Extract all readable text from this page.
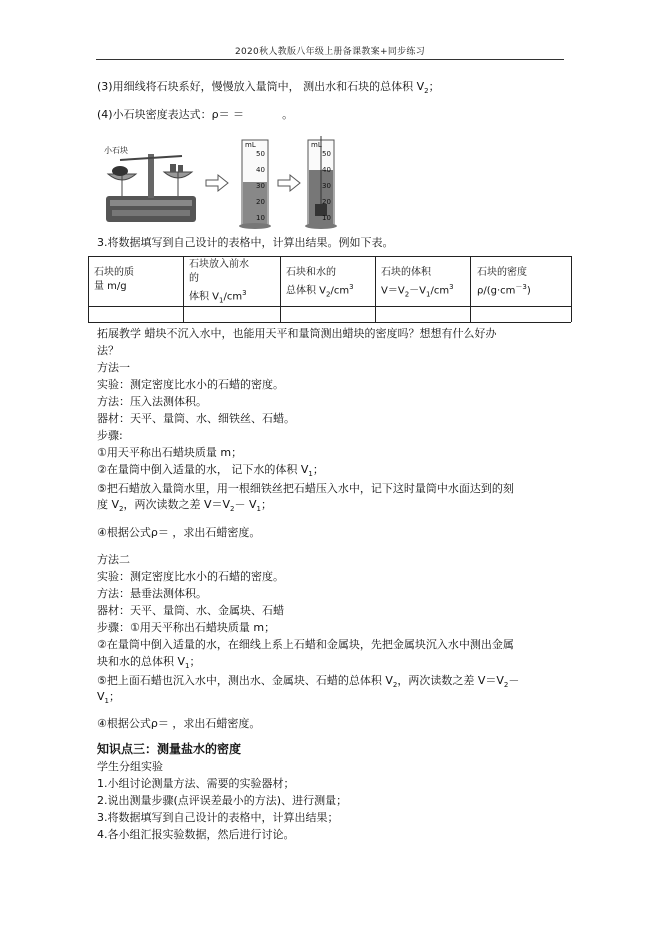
2020秋人教版八年级上册备课教案+同步练习
(3)用细线将石块系好，慢慢放入量筒中， 测出水和石块的总体积 $V_2$；
(4)小石块密度表达式：ρ＝ ＝	。
小石块
mL	mL
50
40
30
20
10
50
40
30
20
10
3.将数据填写到自己设计的表格中，计算出结果。例如下表。
石块的质
量 m/g
石块放入前水
的
体积 $V_1/cm^3$
石块和水的
总体积 $V_2/cm^3$
石块的体积
$V=V_2-V_1/cm^3$
石块的密度
$\rho/(g\cdot cm^{-3})$
拓展教学 蜡块不沉入水中，也能用天平和量筒测出蜡块的密度吗？想想有什么好办
法？
方法一
实验：测定密度比水小的石蜡的密度。
方法：压入法测体积。
器材：天平、量筒、水、细铁丝、石蜡。
步骤:
①用天平称出石蜡块质量 m；
②在量筒中倒入适量的水， 记下水的体积 $V_1$；
⑤把石蜡放入量筒水里，用一根细铁丝把石蜡压入水中，记下这时量筒中水面达到的刻
度 $V_2$，两次读数之差 $V=V_2- V_1$；
④根据公式ρ＝ ，求出石蜡密度。
方法二
实验：测定密度比水小的石蜡的密度。
方法：悬垂法测体积。
器材：天平、量筒、水、金属块、石蜡
步骤：①用天平称出石蜡块质量 m；
②在量筒中倒入适量的水，在细线上系上石蜡和金属块，先把金属块沉入水中测出金属
块和水的总体积 $V_1$；
⑤把上面石蜡也沉入水中，测出水、金属块、石蜡的总体积 $V_2$，两次读数之差 $V=V_2-$
$V_1$；
④根据公式ρ＝ ，求出石蜡密度。
知识点三：测量盐水的密度
学生分组实验
1.小组讨论测量方法、需要的实验器材；
2.说出测量步骤(点评误差最小的方法)、进行测量；
3.将数据填写到自己设计的表格中，计算出结果；
4.各小组汇报实验数据，然后进行讨论。
